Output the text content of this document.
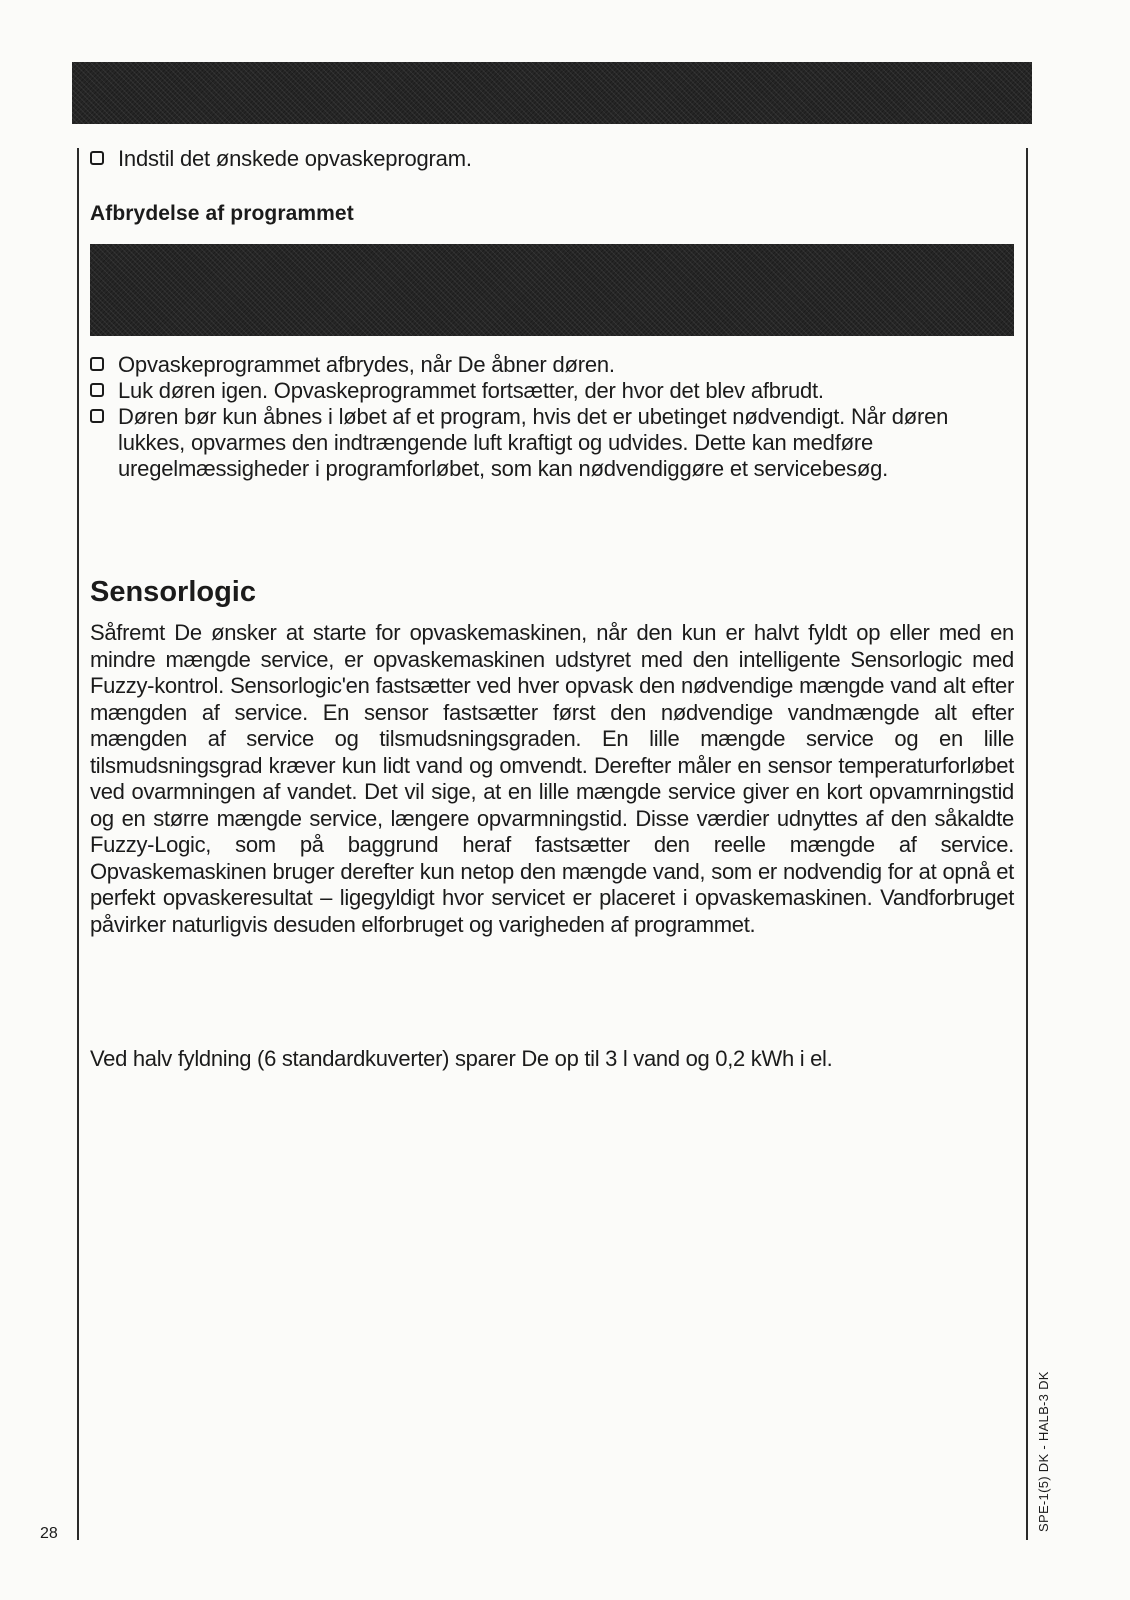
Indstil det ønskede opvaskeprogram.
Afbrydelse af programmet
Opvaskeprogrammet afbrydes, når De åbner døren.
Luk døren igen. Opvaskeprogrammet fortsætter, der hvor det blev afbrudt.
Døren bør kun åbnes i løbet af et program, hvis det er ubetinget nødvendigt. Når døren lukkes, opvarmes den indtrængende luft kraftigt og udvides. Dette kan medføre uregelmæssigheder i programforløbet, som kan nødvendiggøre et servicebesøg.
Sensorlogic
Såfremt De ønsker at starte for opvaskemaskinen, når den kun er halvt fyldt op eller med en mindre mængde service, er opvaskemaskinen udstyret med den intelligente Sensorlogic med Fuzzy-kontrol. Sensorlogic'en fastsætter ved hver opvask den nødvendige mængde vand alt efter mængden af service. En sensor fastsætter først den nødvendige vandmængde alt efter mængden af service og tilsmudsningsgraden. En lille mængde service og en lille tilsmudsningsgrad kræver kun lidt vand og omvendt. Derefter måler en sensor temperaturforløbet ved ovarmningen af vandet. Det vil sige, at en lille mængde service giver en kort opvamrningstid og en større mængde service, længere opvarmningstid. Disse værdier udnyttes af den såkaldte Fuzzy-Logic, som på baggrund heraf fastsætter den reelle mængde af service. Opvaskemaskinen bruger derefter kun netop den mængde vand, som er nodvendig for at opnå et perfekt opvaskeresultat – ligegyldigt hvor servicet er placeret i opvaskemaskinen. Vandforbruget påvirker naturligvis desuden elforbruget og varigheden af programmet.
Ved halv fyldning (6 standardkuverter) sparer De op til 3 l vand og 0,2 kWh i el.
28
SPE-1(5) DK - HALB-3 DK
